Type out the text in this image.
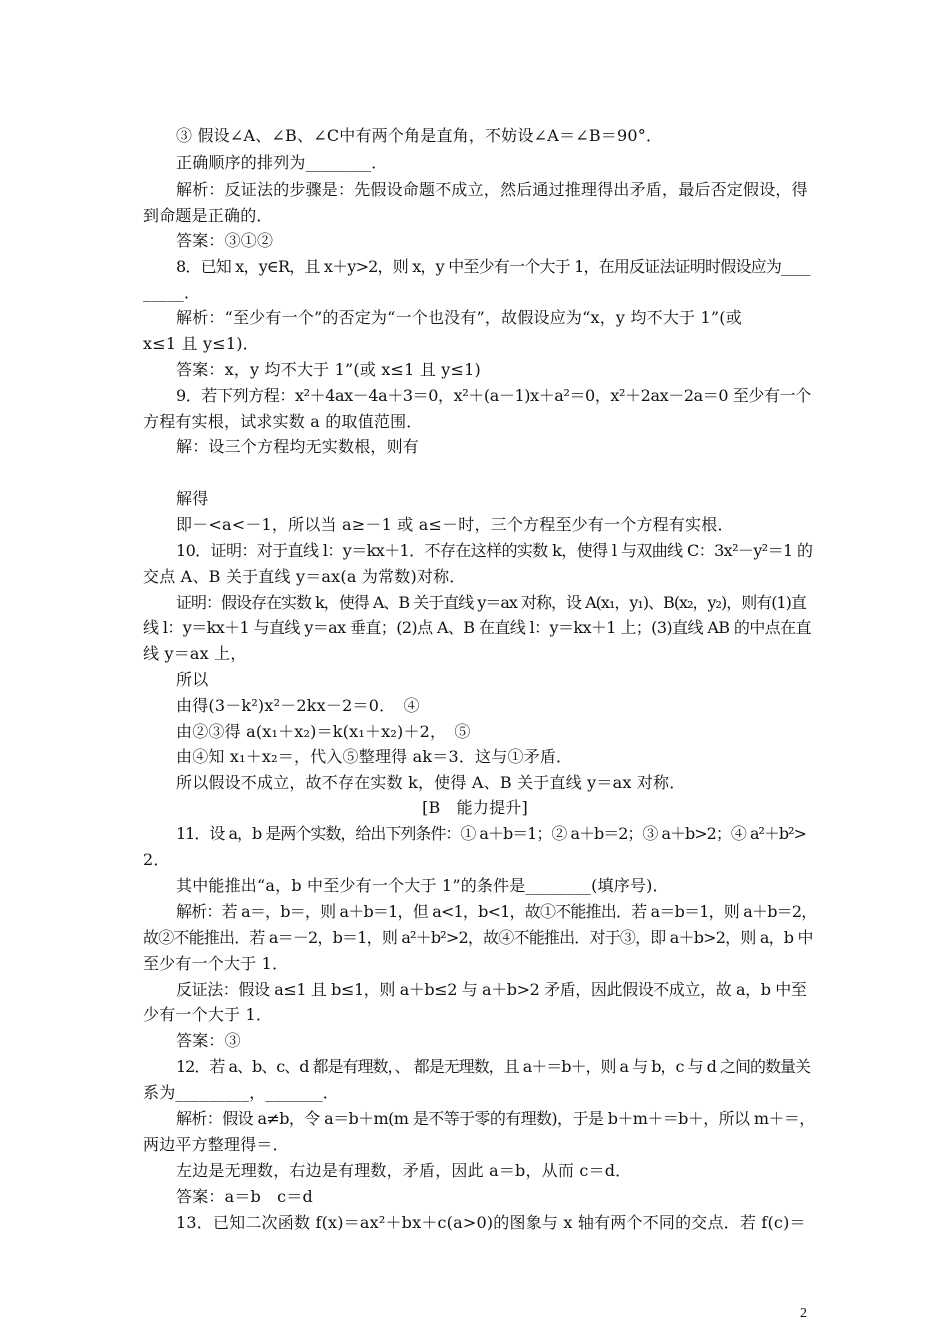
③ 假设∠A、∠B、∠C中有两个角是直角，不妨设∠A＝∠B＝90°．
正确顺序的排列为________．
解析：反证法的步骤是：先假设命题不成立，然后通过推理得出矛盾，最后否定假设，得
到命题是正确的．
答案：③①②
8．已知 x，y∈R，且 x＋y>2，则 x，y 中至少有一个大于 1，在用反证法证明时假设应为____
_____．
解析：“至少有一个”的否定为“一个也没有”，故假设应为“x，y 均不大于 1”(或
x≤1 且 y≤1)．
答案：x，y 均不大于 1”(或 x≤1 且 y≤1)
9．若下列方程：x²＋4ax－4a＋3＝0，x²＋(a－1)x＋a²＝0，x²＋2ax－2a＝0 至少有一个
方程有实根，试求实数 a 的取值范围．
解：设三个方程均无实数根，则有
解得
即－<a<－1，所以当 a≥－1 或 a≤－时，三个方程至少有一个方程有实根．
10．证明：对于直线 l：y＝kx＋1．不存在这样的实数 k，使得 l 与双曲线 C：3x²－y²＝1 的
交点 A、B 关于直线 y＝ax(a 为常数)对称．
证明：假设存在实数 k，使得 A、B 关于直线 y＝ax 对称，设 A(x₁，y₁)、B(x₂，y₂)，则有(1)直
线 l：y＝kx＋1 与直线 y＝ax 垂直；(2)点 A、B 在直线 l：y＝kx＋1 上；(3)直线 AB 的中点在直
线 y＝ax 上，
所以
由得(3－k²)x²－2kx－2＝0．　④
由②③得 a(x₁＋x₂)＝k(x₁＋x₂)＋2，　⑤
由④知 x₁＋x₂＝，代入⑤整理得 ak＝3．这与①矛盾．
所以假设不成立，故不存在实数 k，使得 A、B 关于直线 y＝ax 对称．
[B　能力提升]
11．设 a，b 是两个实数，给出下列条件：① a＋b＝1；② a＋b＝2；③ a＋b>2；④ a²＋b²>
2．
其中能推出“a，b 中至少有一个大于 1”的条件是________(填序号)．
解析：若 a＝，b＝，则 a＋b＝1，但 a<1，b<1，故①不能推出．若 a＝b＝1，则 a＋b＝2，
故②不能推出．若 a＝－2，b＝1，则 a²＋b²>2，故④不能推出．对于③，即 a＋b>2，则 a，b 中
至少有一个大于 1．
反证法：假设 a≤1 且 b≤1，则 a＋b≤2 与 a＋b>2 矛盾，因此假设不成立，故 a，b 中至
少有一个大于 1．
答案：③
12．若 a、b、c、d 都是有理数，、 都是无理数，且 a＋＝b＋，则 a 与 b，c 与 d 之间的数量关
系为_________，_______．
解析：假设 a≠b，令 a＝b＋m(m 是不等于零的有理数)，于是 b＋m＋＝b＋，所以 m＋＝，
两边平方整理得＝．
左边是无理数，右边是有理数，矛盾，因此 a＝b，从而 c＝d．
答案：a＝b　c＝d
13．已知二次函数 f(x)＝ax²＋bx＋c(a>0)的图象与 x 轴有两个不同的交点．若 f(c)＝
2
